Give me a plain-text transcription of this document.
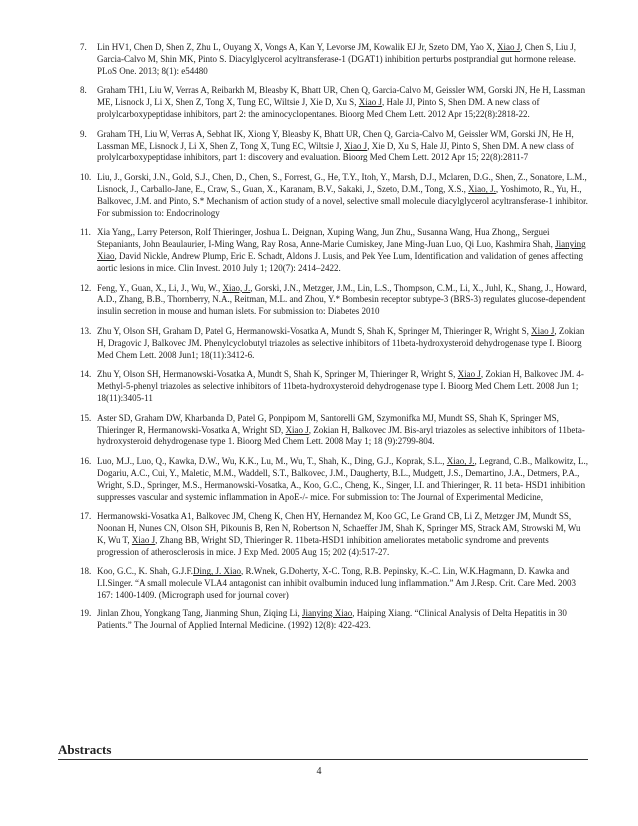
7.	Lin HV1, Chen D, Shen Z, Zhu L, Ouyang X, Vongs A, Kan Y, Levorse JM, Kowalik EJ Jr, Szeto DM, Yao X, Xiao J, Chen S, Liu J, Garcia-Calvo M, Shin MK, Pinto S. Diacylglycerol acyltransferase-1 (DGAT1) inhibition perturbs postprandial gut hormone release. PLoS One. 2013; 8(1): e54480
8.	Graham TH1, Liu W, Verras A, Reibarkh M, Bleasby K, Bhatt UR, Chen Q, Garcia-Calvo M, Geissler WM, Gorski JN, He H, Lassman ME, Lisnock J, Li X, Shen Z, Tong X, Tung EC, Wiltsie J, Xie D, Xu S, Xiao J, Hale JJ, Pinto S, Shen DM. A new class of prolylcarboxypeptidase inhibitors, part 2: the aminocyclopentanes. Bioorg Med Chem Lett. 2012 Apr 15;22(8):2818-22.
9.	Graham TH, Liu W, Verras A, Sebhat IK, Xiong Y, Bleasby K, Bhatt UR, Chen Q, Garcia-Calvo M, Geissler WM, Gorski JN, He H, Lassman ME, Lisnock J, Li X, Shen Z, Tong X, Tung EC, Wiltsie J, Xiao J, Xie D, Xu S, Hale JJ, Pinto S, Shen DM. A new class of prolylcarboxypeptidase inhibitors, part 1: discovery and evaluation. Bioorg Med Chem Lett. 2012 Apr 15; 22(8):2811-7
10. Liu, J., Gorski, J.N., Gold, S.J., Chen, D., Chen, S., Forrest, G., He, T.Y., Itoh, Y., Marsh, D.J., Mclaren, D.G., Shen, Z., Sonatore, L.M., Lisnock, J., Carballo-Jane, E., Craw, S., Guan, X., Karanam, B.V., Sakaki, J., Szeto, D.M., Tong, X.S., Xiao, J., Yoshimoto, R., Yu, H., Balkovec, J.M. and Pinto, S.* Mechanism of action study of a novel, selective small molecule diacylglycerol acyltransferase-1 inhibitor. For submission to: Endocrinology
11. Xia Yang,, Larry Peterson, Rolf Thieringer, Joshua L. Deignan, Xuping Wang, Jun Zhu,, Susanna Wang, Hua Zhong,, Serguei Stepaniants, John Beaulaurier, I-Ming Wang, Ray Rosa, Anne-Marie Cumiskey, Jane Ming-Juan Luo, Qi Luo, Kashmira Shah, Jianying Xiao, David Nickle, Andrew Plump, Eric E. Schadt, Aldons J. Lusis, and Pek Yee Lum, Identification and validation of genes affecting aortic lesions in mice. Clin Invest. 2010 July 1; 120(7): 2414–2422.
12. Feng, Y., Guan, X., Li, J., Wu, W., Xiao, J., Gorski, J.N., Metzger, J.M., Lin, L.S., Thompson, C.M., Li, X., Juhl, K., Shang, J., Howard, A.D., Zhang, B.B., Thornberry, N.A., Reitman, M.L. and Zhou, Y.* Bombesin receptor subtype-3 (BRS-3) regulates glucose-dependent insulin secretion in mouse and human islets. For submission to: Diabetes 2010
13. Zhu Y, Olson SH, Graham D, Patel G, Hermanowski-Vosatka A, Mundt S, Shah K, Springer M, Thieringer R, Wright S, Xiao J, Zokian H, Dragovic J, Balkovec JM. Phenylcyclobutyl triazoles as selective inhibitors of 11beta-hydroxysteroid dehydrogenase type I. Bioorg Med Chem Lett. 2008 Jun1; 18(11):3412-6.
14. Zhu Y, Olson SH, Hermanowski-Vosatka A, Mundt S, Shah K, Springer M, Thieringer R, Wright S, Xiao J, Zokian H, Balkovec JM. 4-Methyl-5-phenyl triazoles as selective inhibitors of 11beta-hydroxysteroid dehydrogenase type I. Bioorg Med Chem Lett. 2008 Jun 1; 18(11):3405-11
15. Aster SD, Graham DW, Kharbanda D, Patel G, Ponpipom M, Santorelli GM, Szymonifka MJ, Mundt SS, Shah K, Springer MS, Thieringer R, Hermanowski-Vosatka A, Wright SD, Xiao J, Zokian H, Balkovec JM. Bis-aryl triazoles as selective inhibitors of 11beta-hydroxysteroid dehydrogenase type 1. Bioorg Med Chem Lett. 2008 May 1; 18 (9):2799-804.
16. Luo, M.J., Luo, Q., Kawka, D.W., Wu, K.K., Lu, M., Wu, T., Shah, K., Ding, G.J., Koprak, S.L., Xiao, J., Legrand, C.B., Malkowitz, L., Dogariu, A.C., Cui, Y., Maletic, M.M., Waddell, S.T., Balkovec, J.M., Daugherty, B.L., Mudgett, J.S., Demartino, J.A., Detmers, P.A., Wright, S.D., Springer, M.S., Hermanowski-Vosatka, A., Koo, G.C., Cheng, K., Singer, I.I. and Thieringer, R. 11 beta- HSD1 inhibition suppresses vascular and systemic inflammation in ApoE-/- mice. For submission to: The Journal of Experimental Medicine,
17. Hermanowski-Vosatka A1, Balkovec JM, Cheng K, Chen HY, Hernandez M, Koo GC, Le Grand CB, Li Z, Metzger JM, Mundt SS, Noonan H, Nunes CN, Olson SH, Pikounis B, Ren N, Robertson N, Schaeffer JM, Shah K, Springer MS, Strack AM, Strowski M, Wu K, Wu T, Xiao J, Zhang BB, Wright SD, Thieringer R. 11beta-HSD1 inhibition ameliorates metabolic syndrome and prevents progression of atherosclerosis in mice. J Exp Med. 2005 Aug 15; 202 (4):517-27.
18. Koo, G.C., K. Shah, G.J.F.Ding, J. Xiao, R.Wnek, G.Doherty, X-C. Tong, R.B. Pepinsky, K.-C. Lin, W.K.Hagmann, D. Kawka and I.I.Singer. “A small molecule VLA4 antagonist can inhibit ovalbumin induced lung inflammation.” Am J.Resp. Crit. Care Med. 2003 167: 1400-1409. (Micrograph used for journal cover)
19. Jinlan Zhou, Yongkang Tang, Jianming Shun, Ziqing Li, Jianying Xiao, Haiping Xiang. “Clinical Analysis of Delta Hepatitis in 30 Patients.” The Journal of Applied Internal Medicine. (1992) 12(8): 422-423.
Abstracts
4
